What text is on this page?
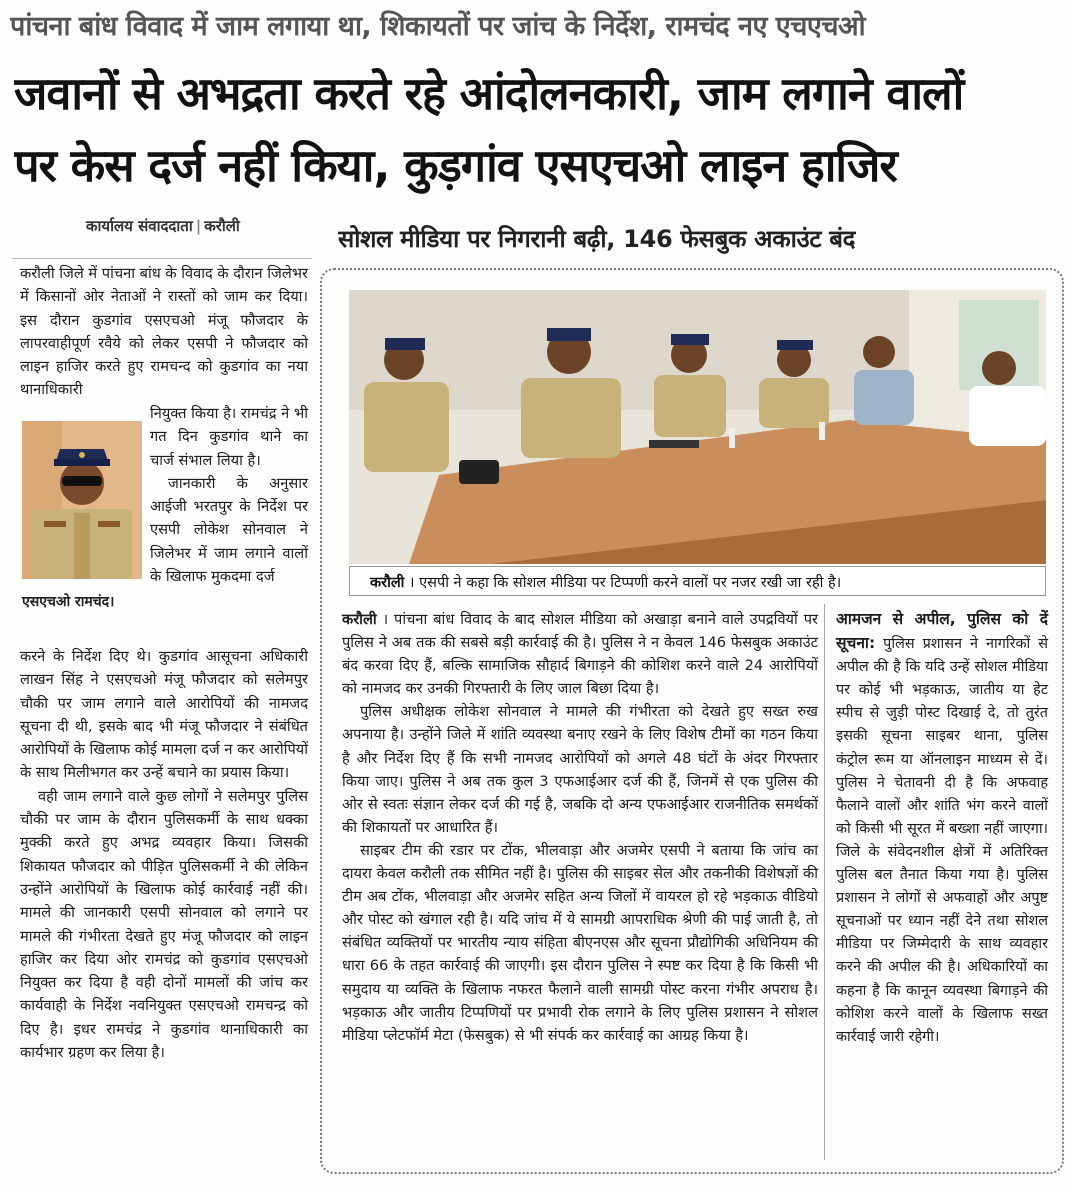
पांचना बांध विवाद में जाम लगाया था, शिकायतों पर जांच के निर्देश, रामचंद नए एचएचओ
जवानों से अभद्रता करते रहे आंदोलनकारी, जाम लगाने वालों
पर केस दर्ज नहीं किया, कुड़गांव एसएचओ लाइन हाजिर
कार्यालय संवाददाता | करौली	सोशल मीडिया पर निगरानी बढ़ी, 146 फेसबुक अकाउंट बंद

करौली जिले में पांचना बांध के विवाद के दौरान जिलेभर में किसानों ओर नेताओं ने रास्तों को जाम कर दिया। इस दौरान कुडगांव एसएचओ मंजू फौजदार के लापरवाहीपूर्ण रवैये को लेकर एसपी ने फौजदार को लाइन हाजिर करते हुए रामचन्द को कुडगांव का नया थानाधिकारी

नियुक्त किया है। रामचंद्र ने भी गत दिन कुडगांव थाने का चार्ज संभाल लिया है।

जानकारी के अनुसार आईजी भरतपुर के निर्देश पर एसपी लोकेश सोनवाल ने जिलेभर में जाम लगाने वालों के खिलाफ मुकदमा दर्ज

एसएचओ रामचंद।

करने के निर्देश दिए थे। कुडगांव आसूचना अधिकारी लाखन सिंह ने एसएचओ मंजू फौजदार को सलेमपुर चौकी पर जाम लगाने वाले आरोपियों की नामजद सूचना दी थी, इसके बाद भी मंजू फौजदार ने संबंधित आरोपियों के खिलाफ कोई मामला दर्ज न कर आरोपियों के साथ मिलीभगत कर उन्हें बचाने का प्रयास किया।

वही जाम लगाने वाले कुछ लोगों ने सलेमपुर पुलिस चौकी पर जाम के दौरान पुलिसकर्मी के साथ धक्का मुक्की करते हुए अभद्र व्यवहार किया। जिसकी शिकायत फौजदार को पीड़ित पुलिसकर्मी ने की लेकिन उन्होंने आरोपियों के खिलाफ कोई कार्रवाई नहीं की। मामले की जानकारी एसपी सोनवाल को लगाने पर मामले की गंभीरता देखते हुए मंजू फौजदार को लाइन हाजिर कर दिया ओर रामचंद्र को कुडगांव एसएचओ नियुक्त कर दिया है वही दोनों मामलों की जांच कर कार्यवाही के निर्देश नवनियुक्त एसएचओ रामचन्द्र को दिए है। इधर रामचंद्र ने कुडगांव थानाधिकारी का कार्यभार ग्रहण कर लिया है।

करौली । एसपी ने कहा कि सोशल मीडिया पर टिप्पणी करने वालों पर नजर रखी जा रही है।

करौली । पांचना बांध विवाद के बाद सोशल मीडिया को अखाड़ा बनाने वाले उपद्रवियों पर पुलिस ने अब तक की सबसे बड़ी कार्रवाई की है। पुलिस ने न केवल 146 फेसबुक अकाउंट बंद करवा दिए हैं, बल्कि सामाजिक सौहार्द बिगाड़ने की कोशिश करने वाले 24 आरोपियों को नामजद कर उनकी गिरफ्तारी के लिए जाल बिछा दिया है।

पुलिस अधीक्षक लोकेश सोनवाल ने मामले की गंभीरता को देखते हुए सख्त रुख अपनाया है। उन्होंने जिले में शांति व्यवस्था बनाए रखने के लिए विशेष टीमों का गठन किया है और निर्देश दिए हैं कि सभी नामजद आरोपियों को अगले 48 घंटों के अंदर गिरफ्तार किया जाए। पुलिस ने अब तक कुल 3 एफआईआर दर्ज की हैं, जिनमें से एक पुलिस की ओर से स्वतः संज्ञान लेकर दर्ज की गई है, जबकि दो अन्य एफआईआर राजनीतिक समर्थकों की शिकायतों पर आधारित हैं।

साइबर टीम की रडार पर टोंक, भीलवाड़ा और अजमेर एसपी ने बताया कि जांच का दायरा केवल करौली तक सीमित नहीं है। पुलिस की साइबर सेल और तकनीकी विशेषज्ञों की टीम अब टोंक, भीलवाड़ा और अजमेर सहित अन्य जिलों में वायरल हो रहे भड़काऊ वीडियो और पोस्ट को खंगाल रही है। यदि जांच में ये सामग्री आपराधिक श्रेणी की पाई जाती है, तो संबंधित व्यक्तियों पर भारतीय न्याय संहिता बीएनएस और सूचना प्रौद्योगिकी अधिनियम की धारा 66 के तहत कार्रवाई की जाएगी। इस दौरान पुलिस ने स्पष्ट कर दिया है कि किसी भी समुदाय या व्यक्ति के खिलाफ नफरत फैलाने वाली सामग्री पोस्ट करना गंभीर अपराध है। भड़काऊ और जातीय टिप्पणियों पर प्रभावी रोक लगाने के लिए पुलिस प्रशासन ने सोशल मीडिया प्लेटफॉर्म मेटा (फेसबुक) से भी संपर्क कर कार्रवाई का आग्रह किया है।

आमजन से अपील, पुलिस को दें सूचना: पुलिस प्रशासन ने नागरिकों से अपील की है कि यदि उन्हें सोशल मीडिया पर कोई भी भड़काऊ, जातीय या हेट स्पीच से जुड़ी पोस्ट दिखाई दे, तो तुरंत इसकी सूचना साइबर थाना, पुलिस कंट्रोल रूम या ऑनलाइन माध्यम से दें। पुलिस ने चेतावनी दी है कि अफवाह फैलाने वालों और शांति भंग करने वालों को किसी भी सूरत में बख्शा नहीं जाएगा। जिले के संवेदनशील क्षेत्रों में अतिरिक्त पुलिस बल तैनात किया गया है। पुलिस प्रशासन ने लोगों से अफवाहों और अपुष्ट सूचनाओं पर ध्यान नहीं देने तथा सोशल मीडिया पर जिम्मेदारी के साथ व्यवहार करने की अपील की है। अधिकारियों का कहना है कि कानून व्यवस्था बिगाड़ने की कोशिश करने वालों के खिलाफ सख्त कार्रवाई जारी रहेगी।
